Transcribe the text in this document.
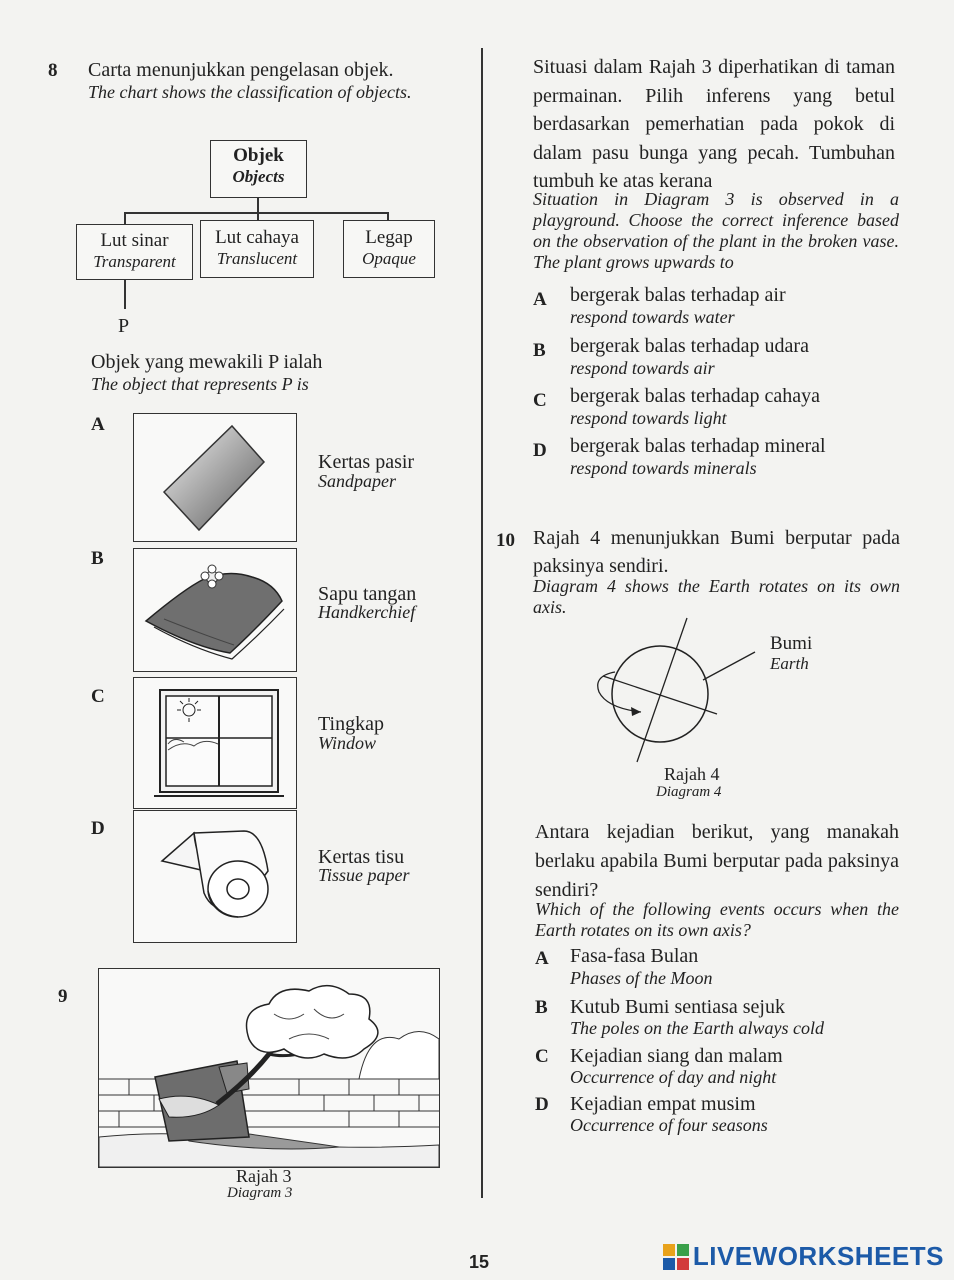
8 Carta menunjukkan pengelasan objek.
The chart shows the classification of objects.
Objek
Objects
Lut sinar
Transparent
Lut cahaya
Translucent
Legap
Opaque
P
Objek yang mewakili P ialah
The object that represents P is
A
Kertas pasir
Sandpaper
B
Sapu tangan
Handkerchief
C
Tingkap
Window
D
Kertas tisu
Tissue paper
9
Rajah 3
Diagram 3
Situasi dalam Rajah 3 diperhatikan di taman permainan. Pilih inferens yang betul berdasarkan pemerhatian pada pokok di dalam pasu bunga yang pecah. Tumbuhan tumbuh ke atas kerana
Situation in Diagram 3 is observed in a playground. Choose the correct inference based on the observation of the plant in the broken vase. The plant grows upwards to
A bergerak balas terhadap air
respond towards water
B bergerak balas terhadap udara
respond towards air
C bergerak balas terhadap cahaya
respond towards light
D bergerak balas terhadap mineral
respond towards minerals
10 Rajah 4 menunjukkan Bumi berputar pada paksinya sendiri.
Diagram 4 shows the Earth rotates on its own axis.
Bumi
Earth
Rajah 4
Diagram 4
Antara kejadian berikut, yang manakah berlaku apabila Bumi berputar pada paksinya sendiri?
Which of the following events occurs when the Earth rotates on its own axis?
A Fasa-fasa Bulan
Phases of the Moon
B Kutub Bumi sentiasa sejuk
The poles on the Earth always cold
C Kejadian siang dan malam
Occurrence of day and night
D Kejadian empat musim
Occurrence of four seasons
15	LIVEWORKSHEETS
